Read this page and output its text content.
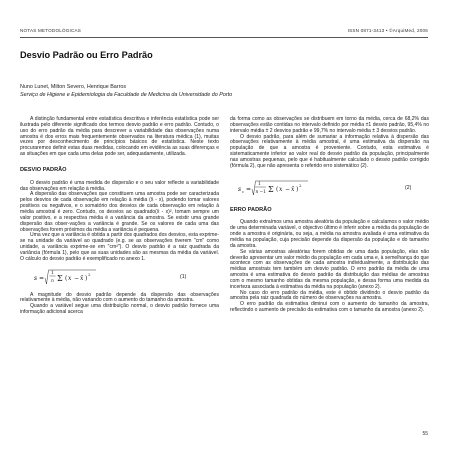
NOTAS METODOLÓGICAS	ISSN 0871-3413 • ©ArquiMed, 2006
Desvio Padrão ou Erro Padrão
Nuno Lunet, Milton Severo, Henrique Barros
Serviço de Higiene e Epidemiologia da Faculdade de Medicina da Universidade do Porto

A distinção fundamental entre estatística descritiva e inferência estatística pode ser ilustrada pelo diferente significado dos termos desvio padrão e erro padrão. Contudo, o uso do erro padrão da média para descrever a variabilidade das observações numa amostra é dos erros mais frequentemente observados na literatura médica (1), muitas vezes por desconhecimento de princípios básicos de estatística. Neste texto procuraremos definir estas duas medidas, colocando em evidência as suas diferenças e as situações em que cada uma delas pode ser, adequadamente, utilizada.

DESVIO PADRÃO

O desvio padrão é uma medida de dispersão e o seu valor reflecte a variabilidade das observações em relação à média.

A dispersão das observações que constituem uma amostra pode ser caracterizada pelos desvios de cada observação em relação à média (x̄ - x), podendo tomar valores positivos ou negativos, e o somatório dos desvios de cada observação em relação à média amostral é zero. Contudo, os desvios ao quadrado(x̄ - x)², tomam sempre um valor positivo, e a respectiva média é a variância da amostra. Se existir uma grande dispersão das obser-vações a variância é grande. Se os valores de cada uma das observações forem próximos da média a variância é pequena.

Uma vez que a variância é obtida a partir dos quadrados dos desvios, esta exprime-se na unidade da variável ao quadrado (e.g. se as observações tiverem "cm" como unidade, a variância exprime-se em "cm²"). O desvio padrão é a raiz quadrada da variância (fórmula 1), pelo que as suas unidades são as mesmas da média da variável. O cálculo do desvio padrão é exemplificado no anexo 1.

s =
1
n Σ ( x − x̄ )
2	(1)

A magnitude do desvio padrão depende da dispersão das observações relativamente à média, não variando com o aumento do tamanho da amostra.

Quando a variável segue uma distribuição normal, o desvio padrão fornece uma informação adicional acerca

da forma como as observações se distribuem em torno da média, cerca de 68,2% das observações estão contidas no intervalo definido por média ±1 desvio padrão, 95,4% no intervalo média ± 2 desvios padrão e 99,7% no intervalo média ± 3 desvios padrão.

O desvio padrão, para além de sumariar a informação relativa à dispersão das observações relativamente à média amostral, é uma estimativa da dispersão na população de que a amostra é proveniente. Contudo, esta estimativa é sistematicamente inferior ao valor real do desvio padrão da população, principalmente nas amostras pequenas, pelo que é habitualmente calculado o desvio padrão corrigido (fórmula 2), que não apresenta o referido erro sistemático (2).

s c =
1
n −1 Σ ( x − x̄ )
2	(2)

ERRO PADRÃO

Quando extraímos uma amostra aleatória da população e calculamos o valor médio de uma determinada variável, o objectivo último é inferir sobre a média da população de onde a amostra é originária, ou seja, a média na amostra avaliada é uma estimativa da média na população, cuja precisão depende da dispersão da população e do tamanho da amostra.

Se várias amostras aleatórias forem obtidas de uma dada população, elas não deverão apresentar um valor médio da população em cada uma e, à semelhança do que acontece com as observações de cada amostra individualmente, a distribuição das médias amostrais tem também um desvio padrão. O erro padrão da média de uma amostra é uma estimativa do desvio padrão da distribuição das médias de amostras com o mesmo tamanho obtidas da mesma população, e dessa forma uma medida da incerteza associada à estimativa da média na população (anexo 2).

No caso do erro padrão da média, este é obtido dividindo o desvio padrão da amostra pela raiz quadrada do número de observações na amostra.

O erro padrão da estimativa diminui com o aumento do tamanho da amostra, reflectindo o aumento de precisão da estimativa com o tamanho da amostra (anexo 2).

55
